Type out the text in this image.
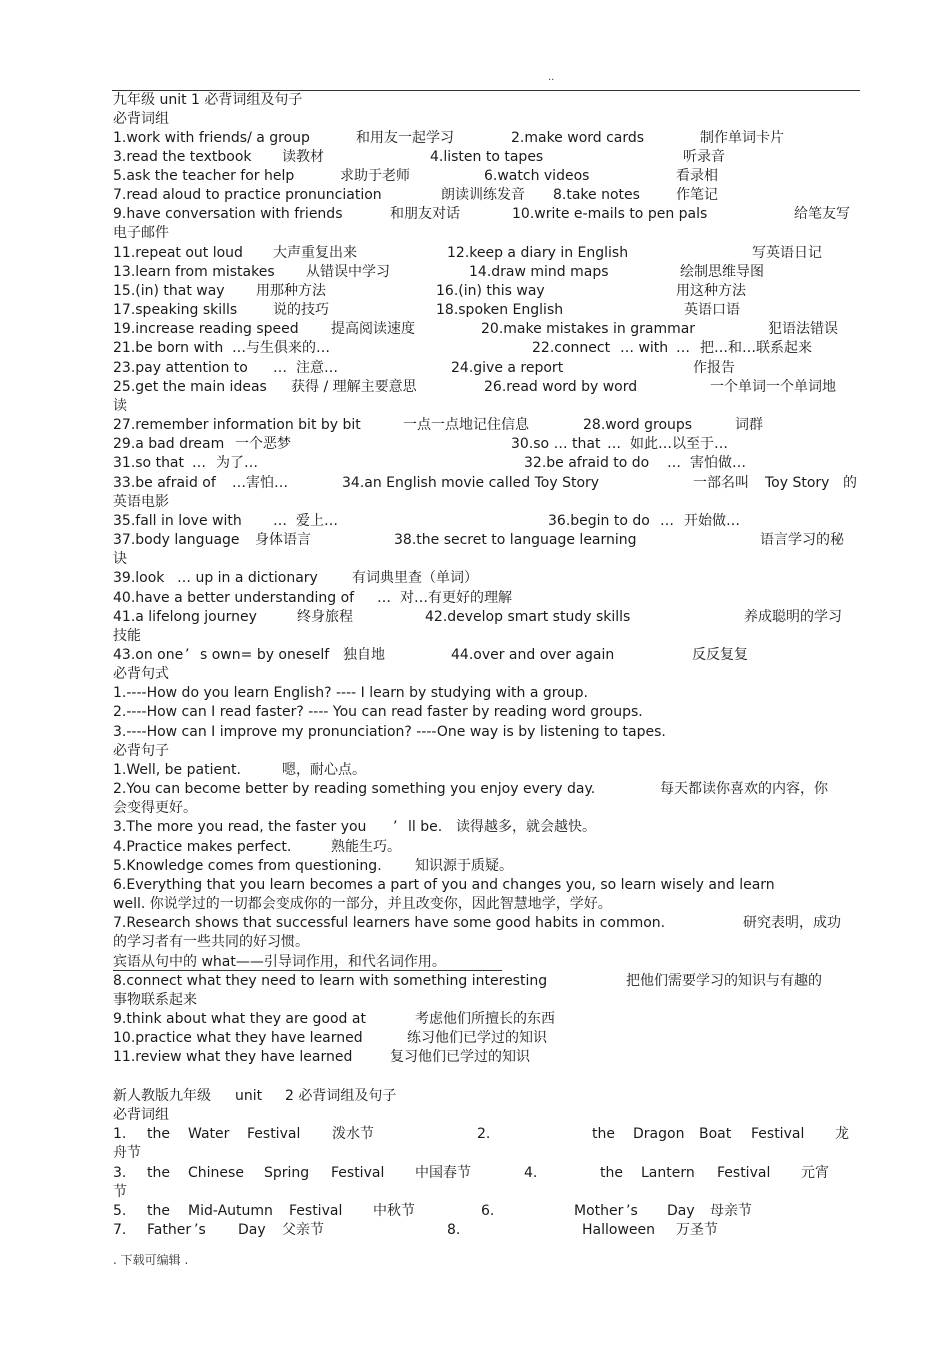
..
九年级 unit 1 必背词组及句子
必背词组
1.work with friends/ a group	和用友一起学习	2.make word cards	制作单词卡片
3.read the textbook 读教材	4.listen to tapes	听录音
5.ask the teacher for help	求助于老师	6.watch videos	看录相
7.read aloud to practice pronunciation	朗读训练发音 8.take notes	作笔记
9.have conversation with friends	和朋友对话	10.write e-mails to pen pals	给笔友写
电子邮件
11.repeat out loud 大声重复出来	12.keep a diary in English	写英语日记
13.learn from mistakes 从错误中学习	14.draw mind maps	绘制思维导图
15.(in) that way 用那种方法	16.(in) this way	用这种方法
17.speaking skills	说的技巧	18.spoken English	英语口语
19.increase reading speed 提高阅读速度	20.make mistakes in grammar	犯语法错误
21.be born with …与生俱来的…	22.connect … with … 把…和…联系起来
23.pay attention to … 注意…	24.give a report	作报告
25.get the main ideas 获得 / 理解主要意思	26.read word by word	一个单词一个单词地
读
27.remember information bit by bit	一点一点地记住信息	28.word groups	词群
29.a bad dream 一个恶梦	30.so … that … 如此…以至于…
31.so that … 为了…	32.be afraid to do … 害怕做…
33.be afraid of …害怕…	34.an English movie called Toy Story	一部名叫 Toy Story 的
英语电影
35.fall in love with … 爱上…	36.begin to do … 开始做…
37.body language 身体语言	38.the secret to language learning	语言学习的秘
诀
39.look … up in a dictionary 有词典里查（单词）
40.have a better understanding of … 对…有更好的理解
41.a lifelong journey	终身旅程	42.develop smart study skills	养成聪明的学习
技能
43.on one ’ s own= by oneself 独自地	44.over and over again	反反复复
必背句式
1.----How do you learn English? ---- I learn by studying with a group.
2.----How can I read faster? ---- You can read faster by reading word groups.
3.----How can I improve my pronunciation? ----One way is by listening to tapes.
必背句子
1.Well, be patient.	嗯，耐心点。
2.You can become better by reading something you enjoy every day.	每天都读你喜欢的内容，你
会变得更好。
3.The more you read, the faster you ’ ll be. 读得越多，就会越快。
4.Practice makes perfect.	熟能生巧。
5.Knowledge comes from questioning. 知识源于质疑。
6.Everything that you learn becomes a part of you and changes you, so learn wisely and learn
well. 你说学过的一切都会变成你的一部分，并且改变你，因此智慧地学，学好。
7.Research shows that successful learners have some good habits in common.	研究表明，成功
的学习者有一些共同的好习惯。
宾语从句中的 what——引导词作用，和代名词作用。
8.connect what they need to learn with something interesting	把他们需要学习的知识与有趣的
事物联系起来
9.think about what they are good at	考虑他们所擅长的东西
10.practice what they have learned	练习他们已学过的知识
11.review what they have learned	复习他们已学过的知识
新人教版九年级 unit 2 必背词组及句子
必背词组
1. the Water Festival 泼水节	2.	the Dragon Boat Festival 龙
舟节
3. the Chinese Spring Festival 中国春节	4.	the Lantern Festival 元宵
节
5. the Mid-Autumn Festival 中秋节	6.	Mother ’s Day 母亲节
7. Father ’s Day 父亲节	8.	Halloween 万圣节
. 下载可编辑 .
